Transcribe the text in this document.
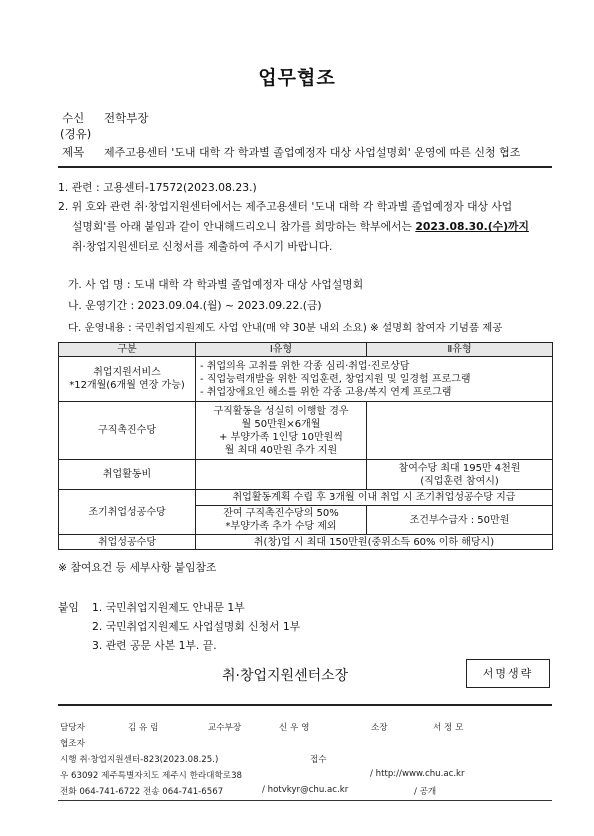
업무협조
수신 전학부장
(경유)
제목 제주고용센터 '도내 대학 각 학과별 졸업예정자 대상 사업설명회' 운영에 따른 신청 협조
1. 관련 : 고용센터-17572(2023.08.23.)
2. 위 호와 관련 취·창업지원센터에서는 제주고용센터 '도내 대학 각 학과별 졸업예정자 대상 사업
설명회'를 아래 붙임과 같이 안내해드리오니 참가를 희망하는 학부에서는 2023.08.30.(수)까지
취·창업지원센터로 신청서를 제출하여 주시기 바랍니다.
가. 사 업 명 : 도내 대학 각 학과별 졸업예정자 대상 사업설명회
나. 운영기간 : 2023.09.04.(월) ~ 2023.09.22.(금)
다. 운영내용 : 국민취업지원제도 사업 안내(매 약 30분 내외 소요) ※ 설명회 참여자 기념품 제공
구분	Ⅰ유형	Ⅱ유형

취업지원서비스
*12개월(6개월 연장 가능)	- 취업의욕 고취를 위한 각종 심리·취업·진로상담
- 직업능력개발을 위한 직업훈련, 창업지원 및 일경험 프로그램
- 취업장애요인 해소를 위한 각종 고용/복지 연계 프로그램	

구직촉진수당	구직활동을 성실히 이행할 경우
월 50만원×6개월
+ 부양가족 1인당 10만원씩
월 최대 40만원 추가 지원	

취업활동비		참여수당 최대 195만 4천원
(직업훈련 참여시)

조기취업성공수당	취업활동계획 수립 후 3개월 이내 취업 시 조기취업성공수당 지급	

	잔여 구직촉진수당의 50%
*부양가족 추가 수당 제외	조건부수급자 : 50만원
취업성공수당	취(창)업 시 최대 150만원(중위소득 60% 이하 해당시)	
※ 참여요건 등 세부사항 붙임참조
붙임 1. 국민취업지원제도 안내문 1부
2. 국민취업지원제도 사업설명회 신청서 1부
3. 관련 공문 사본 1부. 끝.
취·창업지원센터소장	서명생략
담당자	김 유 림	교수부장	신 우 영	소장	서 정 모
협조자
시행 취·창업지원센터-823(2023.08.25.)	접수
우 63092 제주특별자치도 제주시 한라대학로38	/ http://www.chu.ac.kr
전화 064-741-6722 전송 064-741-6567	/ hotvkyr@chu.ac.kr	/ 공개
